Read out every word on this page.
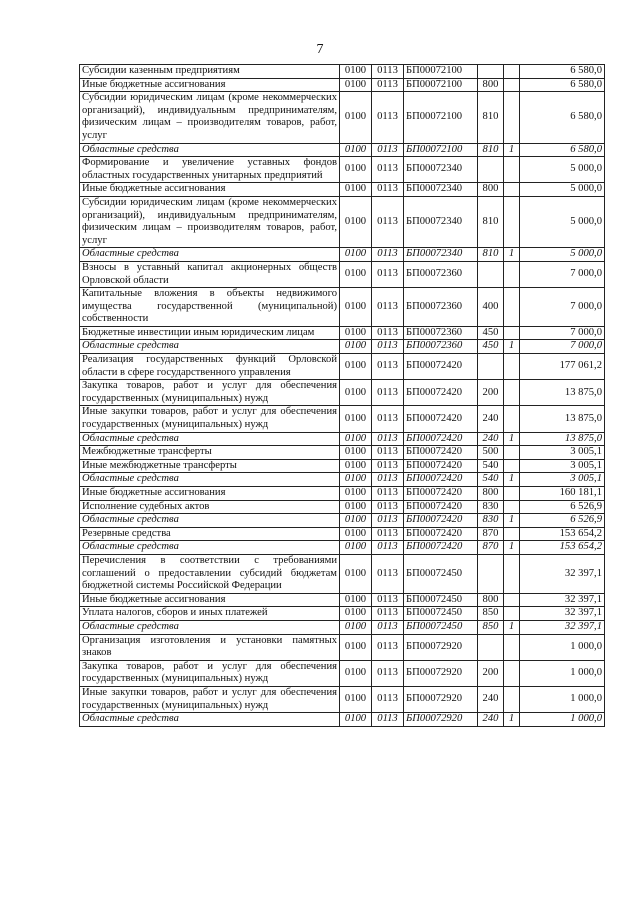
7
Субсидии казенным предприятиям	0100	0113	БП00072100			6 580,0
Иные бюджетные ассигнования	0100	0113	БП00072100	800		6 580,0
Субсидии юридическим лицам (кроме некоммерческих организаций), индивидуальным предпринимателям, физическим лицам – производителям товаров, работ, услуг	0100	0113	БП00072100	810		6 580,0
Областные средства	0100	0113	БП00072100	810	1	6 580,0
Формирование и увеличение уставных фондов областных государственных унитарных предприятий	0100	0113	БП00072340			5 000,0
Иные бюджетные ассигнования	0100	0113	БП00072340	800		5 000,0
Субсидии юридическим лицам (кроме некоммерческих организаций), индивидуальным предпринимателям, физическим лицам – производителям товаров, работ, услуг	0100	0113	БП00072340	810		5 000,0
Областные средства	0100	0113	БП00072340	810	1	5 000,0
Взносы в уставный капитал акционерных обществ Орловской области	0100	0113	БП00072360			7 000,0
Капитальные вложения в объекты недвижимого имущества государственной (муниципальной) собственности	0100	0113	БП00072360	400		7 000,0
Бюджетные инвестиции иным юридическим лицам	0100	0113	БП00072360	450		7 000,0
Областные средства	0100	0113	БП00072360	450	1	7 000,0
Реализация государственных функций Орловской области в сфере государственного управления	0100	0113	БП00072420			177 061,2
Закупка товаров, работ и услуг для обеспечения государственных (муниципальных) нужд	0100	0113	БП00072420	200		13 875,0
Иные закупки товаров, работ и услуг для обеспечения государственных (муниципальных) нужд	0100	0113	БП00072420	240		13 875,0
Областные средства	0100	0113	БП00072420	240	1	13 875,0
Межбюджетные трансферты	0100	0113	БП00072420	500		3 005,1
Иные межбюджетные трансферты	0100	0113	БП00072420	540		3 005,1
Областные средства	0100	0113	БП00072420	540	1	3 005,1
Иные бюджетные ассигнования	0100	0113	БП00072420	800		160 181,1
Исполнение судебных актов	0100	0113	БП00072420	830		6 526,9
Областные средства	0100	0113	БП00072420	830	1	6 526,9
Резервные средства	0100	0113	БП00072420	870		153 654,2
Областные средства	0100	0113	БП00072420	870	1	153 654,2
Перечисления в соответствии с требованиями соглашений о предоставлении субсидий бюджетам бюджетной системы Российской Федерации	0100	0113	БП00072450			32 397,1
Иные бюджетные ассигнования	0100	0113	БП00072450	800		32 397,1
Уплата налогов, сборов и иных платежей	0100	0113	БП00072450	850		32 397,1
Областные средства	0100	0113	БП00072450	850	1	32 397,1
Организация изготовления и установки памятных знаков	0100	0113	БП00072920			1 000,0
Закупка товаров, работ и услуг для обеспечения государственных (муниципальных) нужд	0100	0113	БП00072920	200		1 000,0
Иные закупки товаров, работ и услуг для обеспечения государственных (муниципальных) нужд	0100	0113	БП00072920	240		1 000,0
Областные средства	0100	0113	БП00072920	240	1	1 000,0
